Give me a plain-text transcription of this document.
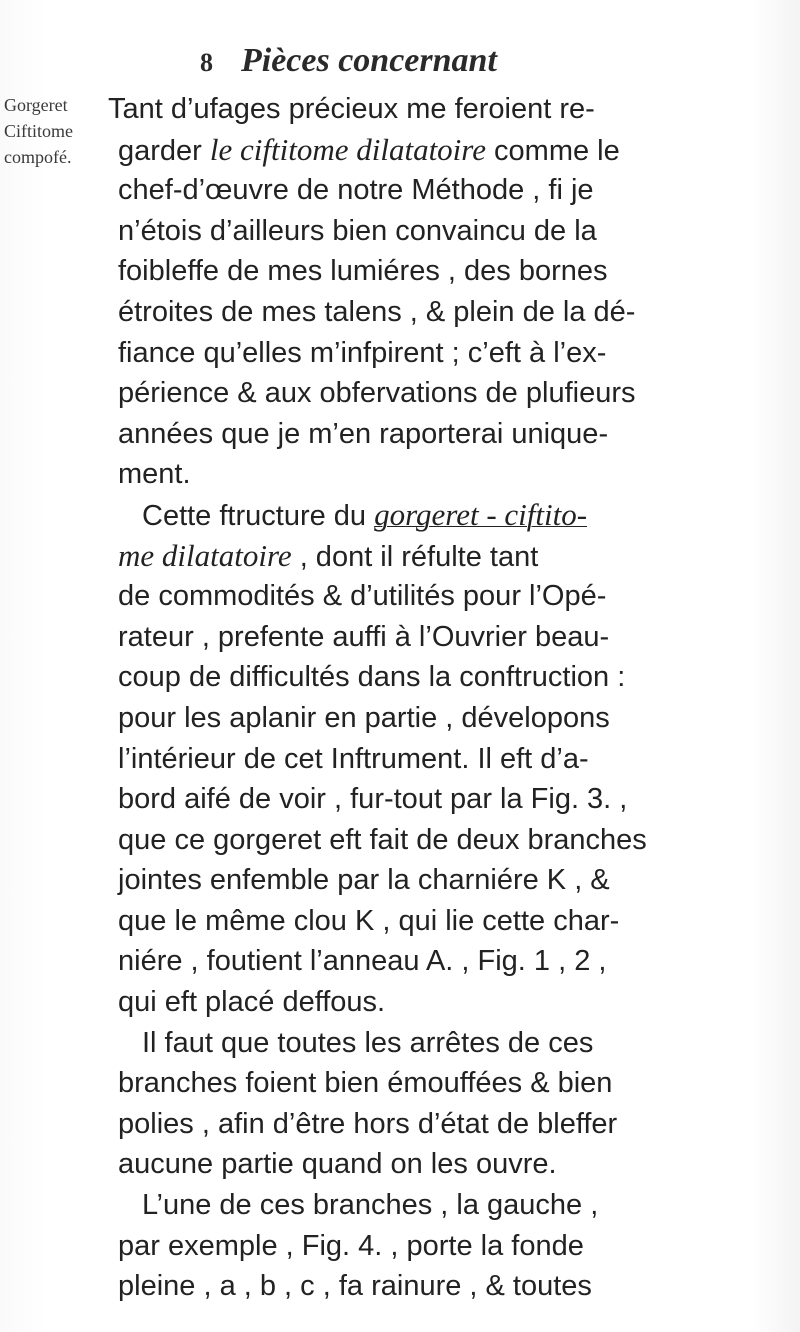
8 Pièces concernant
Gorgeret
Ciftitome
compofé.
Tant d’ufages précieux me feroient re-
garder le ciftitome dilatatoire comme le
chef-d’œuvre de notre Méthode , fi je
n’étois d’ailleurs bien convaincu de la
foibleffe de mes lumiéres , des bornes
étroites de mes talens , & plein de la dé-
fiance qu’elles m’infpirent ; c’eft à l’ex-
périence & aux obfervations de plufieurs
années que je m’en raporterai unique-
ment.
Cette ftructure du gorgeret - ciftito-
me dilatatoire , dont il réfulte tant
de commodités & d’utilités pour l’Opé-
rateur , prefente auffi à l’Ouvrier beau-
coup de difficultés dans la conftruction :
pour les aplanir en partie , dévelopons
l’intérieur de cet Inftrument. Il eft d’a-
bord aifé de voir , fur-tout par la Fig. 3. ,
que ce gorgeret eft fait de deux branches
jointes enfemble par la charniére K , &
que le même clou K , qui lie cette char-
niére , foutient l’anneau A. , Fig. 1 , 2 ,
qui eft placé deffous.
Il faut que toutes les arrêtes de ces
branches foient bien émouffées & bien
polies , afin d’être hors d’état de bleffer
aucune partie quand on les ouvre.
L’une de ces branches , la gauche ,
par exemple , Fig. 4. , porte la fonde
pleine , a , b , c , fa rainure , & toutes
